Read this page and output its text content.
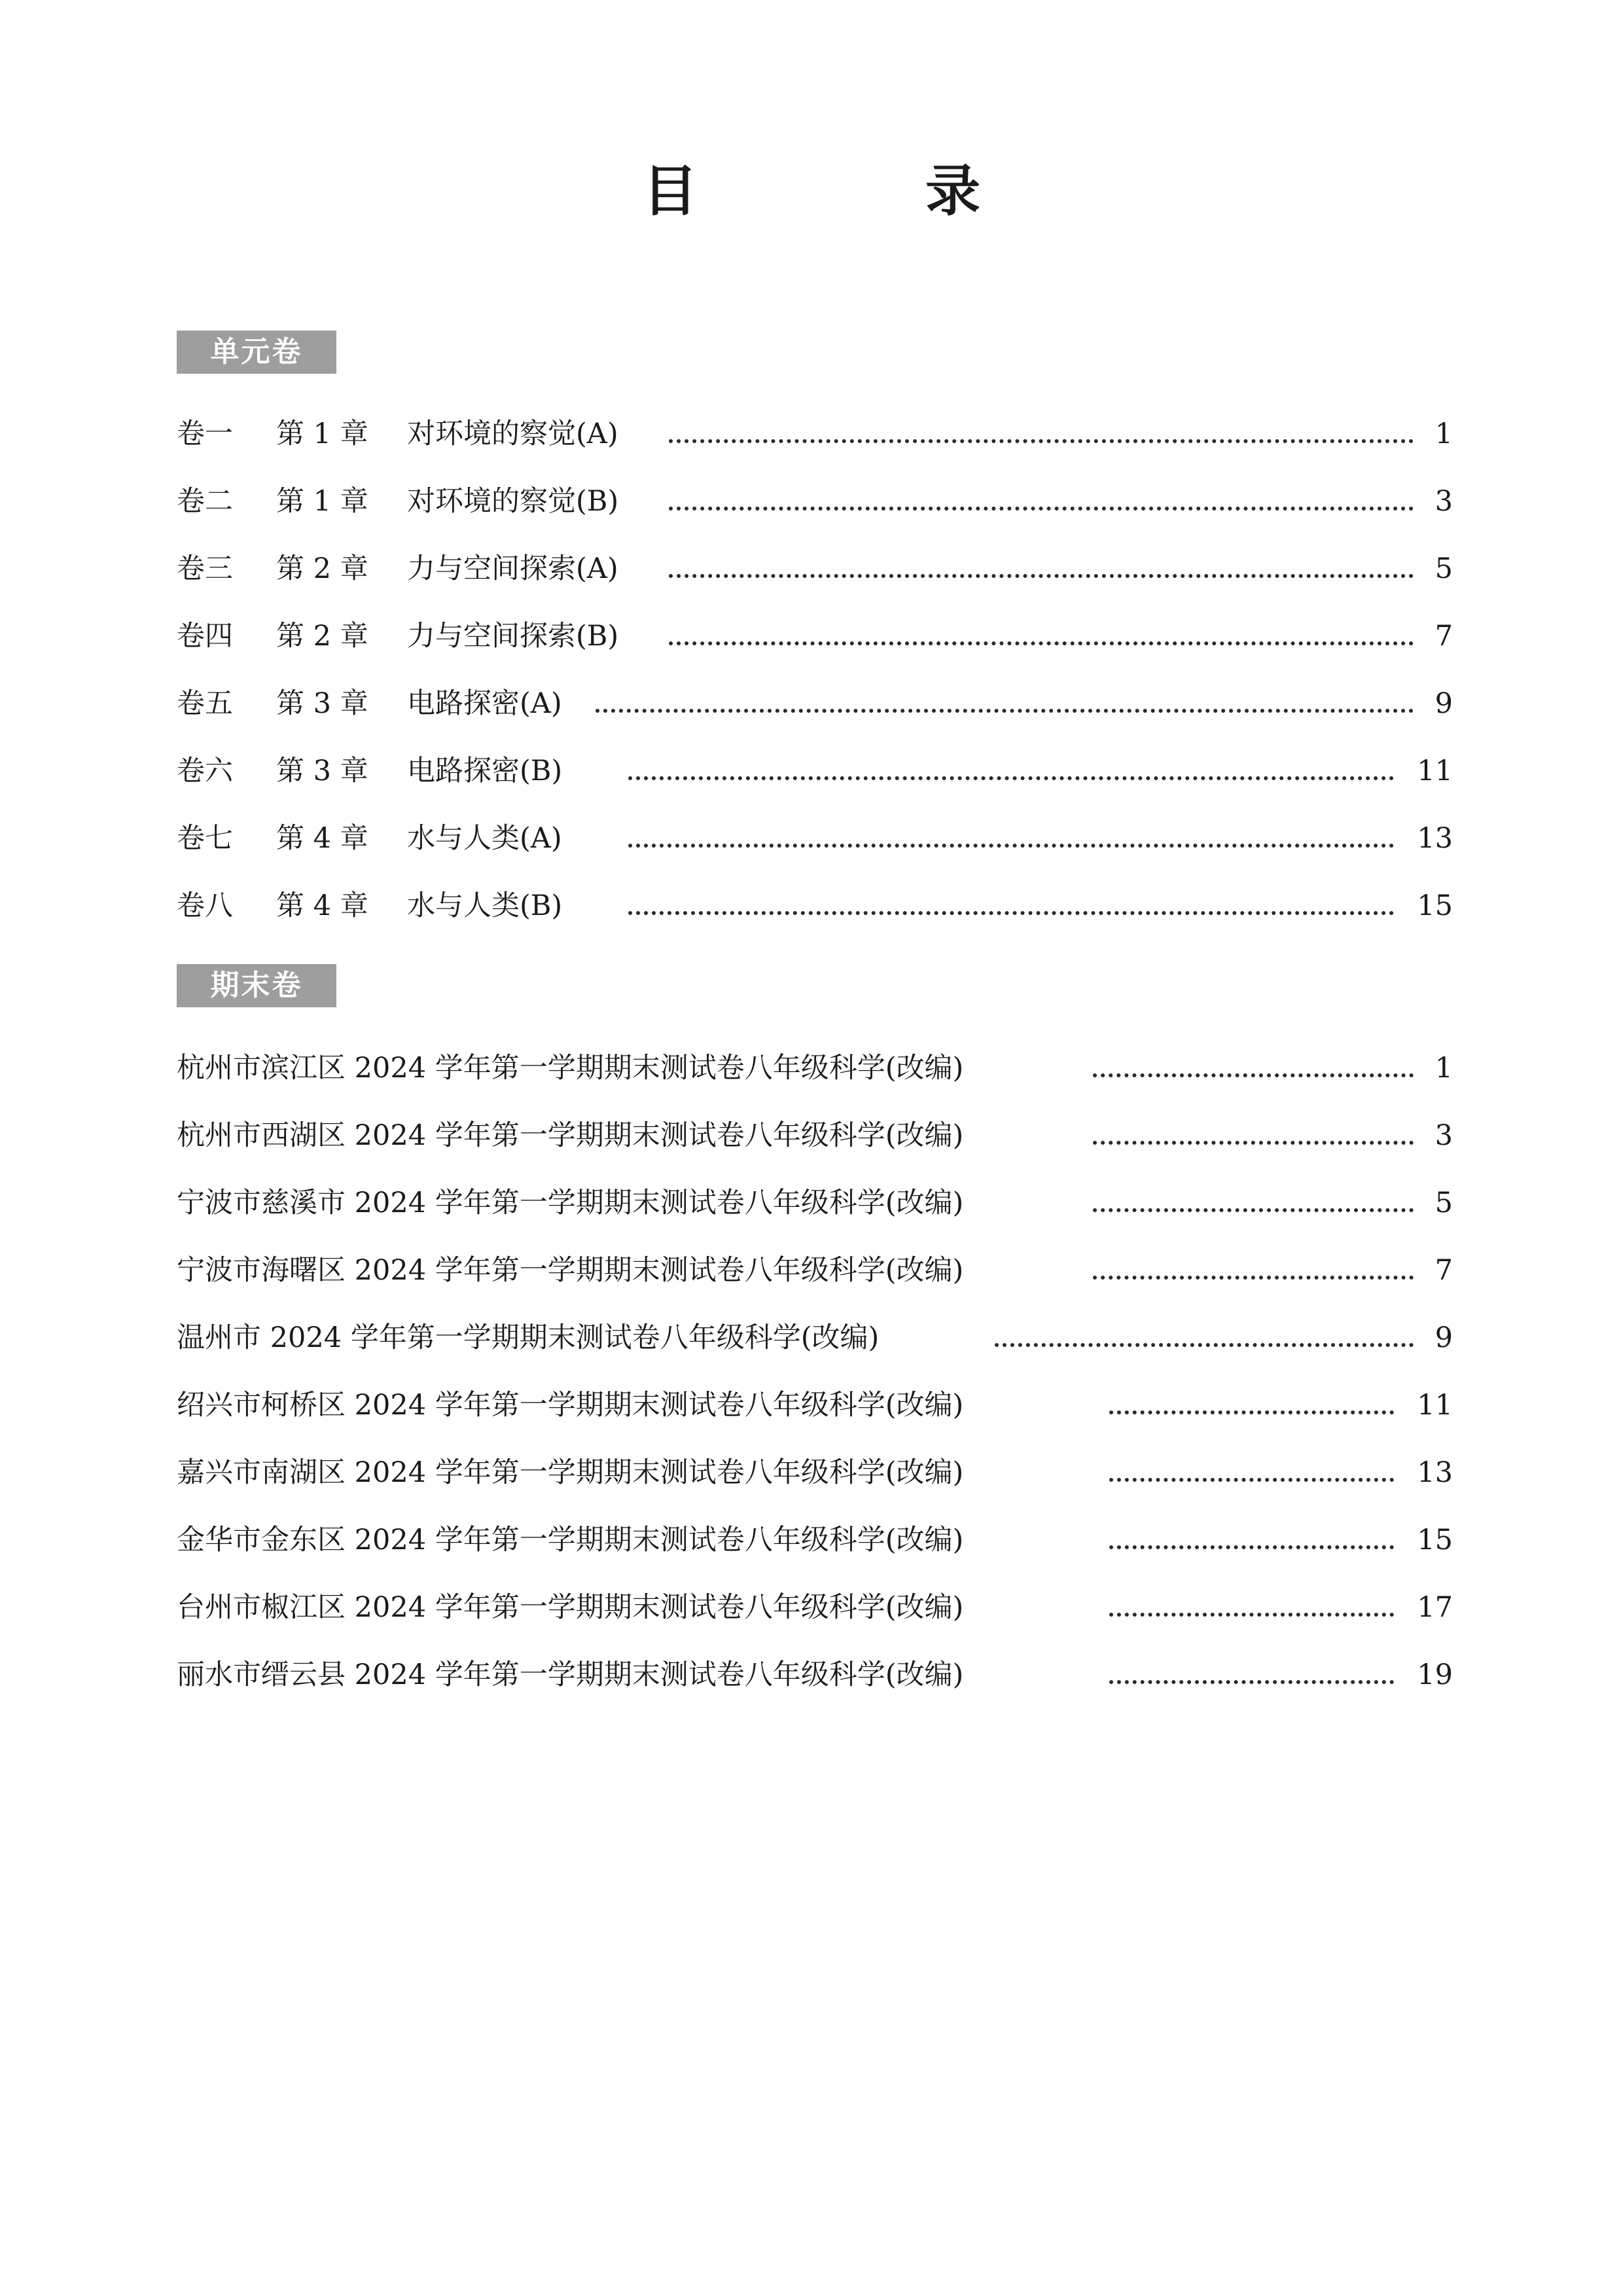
目　录
单元卷
卷一 第 1 章 对环境的察觉(A)	1
卷二 第 1 章 对环境的察觉(B)	3
卷三 第 2 章 力与空间探索(A)	5
卷四 第 2 章 力与空间探索(B)	7
卷五 第 3 章 电路探密(A)	9
卷六 第 3 章 电路探密(B)	11
卷七 第 4 章 水与人类(A)	13
卷八 第 4 章 水与人类(B)	15
期末卷
杭州市滨江区 2024 学年第一学期期末测试卷八年级科学(改编)	1
杭州市西湖区 2024 学年第一学期期末测试卷八年级科学(改编)	3
宁波市慈溪市 2024 学年第一学期期末测试卷八年级科学(改编)	5
宁波市海曙区 2024 学年第一学期期末测试卷八年级科学(改编)	7
温州市 2024 学年第一学期期末测试卷八年级科学(改编)	9
绍兴市柯桥区 2024 学年第一学期期末测试卷八年级科学(改编)	11
嘉兴市南湖区 2024 学年第一学期期末测试卷八年级科学(改编)	13
金华市金东区 2024 学年第一学期期末测试卷八年级科学(改编)	15
台州市椒江区 2024 学年第一学期期末测试卷八年级科学(改编)	17
丽水市缙云县 2024 学年第一学期期末测试卷八年级科学(改编)	19
